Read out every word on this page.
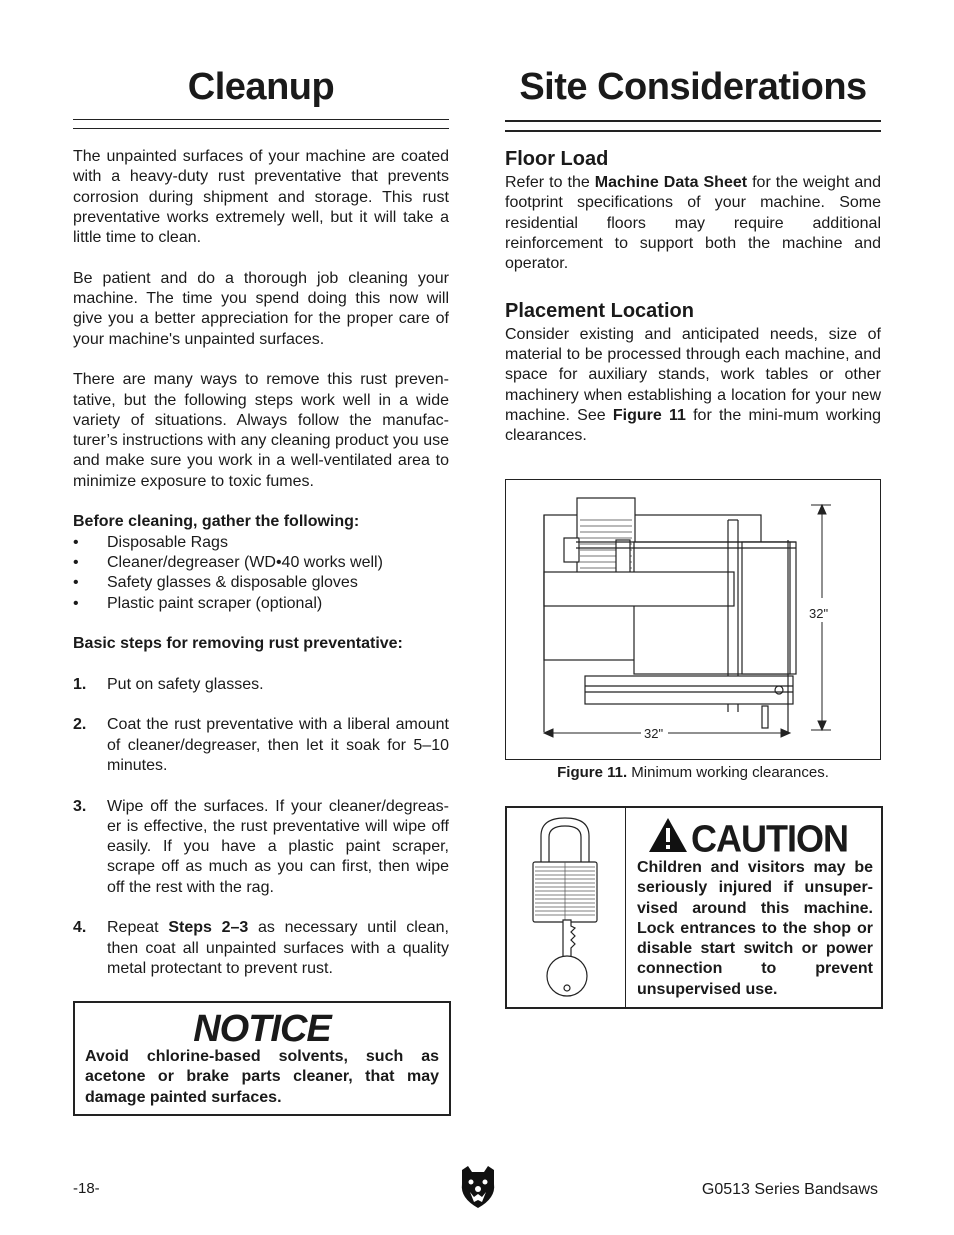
Cleanup

The unpainted surfaces of your machine are coated with a heavy-duty rust preventative that prevents corrosion during shipment and storage. This rust preventative works extremely well, but it will take a little time to clean.

Be patient and do a thorough job cleaning your machine. The time you spend doing this now will give you a better appreciation for the proper care of your machine's unpainted surfaces.

There are many ways to remove this rust preven-tative, but the following steps work well in a wide variety of situations. Always follow the manufac-turer’s instructions with any cleaning product you use and make sure you work in a well-ventilated area to minimize exposure to toxic fumes.

Before cleaning, gather the following:

• Disposable Rags
• Cleaner/degreaser (WD•40 works well)
• Safety glasses & disposable gloves
• Plastic paint scraper (optional)

Basic steps for removing rust preventative:

1. Put on safety glasses.
2. Coat the rust preventative with a liberal amount of cleaner/degreaser, then let it soak for 5–10 minutes.
3. Wipe off the surfaces. If your cleaner/degreas-er is effective, the rust preventative will wipe off easily. If you have a plastic paint scraper, scrape off as much as you can first, then wipe off the rest with the rag.
4. Repeat Steps 2–3 as necessary until clean, then coat all unpainted surfaces with a quality metal protectant to prevent rust.
NOTICE
Avoid chlorine-based solvents, such as acetone or brake parts cleaner, that may damage painted surfaces.
Site Considerations
Floor Load

Refer to the Machine Data Sheet for the weight and footprint specifications of your machine. Some residential floors may require additional reinforcement to support both the machine and operator.

Placement Location

Consider existing and anticipated needs, size of material to be processed through each machine, and space for auxiliary stands, work tables or other machinery when establishing a location for your new machine. See Figure 11 for the mini-mum working clearances.

32"
32"
Figure 11. Minimum working clearances.
CAUTION
Children and visitors may be seriously injured if unsuper-vised around this machine. Lock entrances to the shop or disable start switch or power connection to prevent unsupervised use.
-18-	G0513 Series Bandsaws
